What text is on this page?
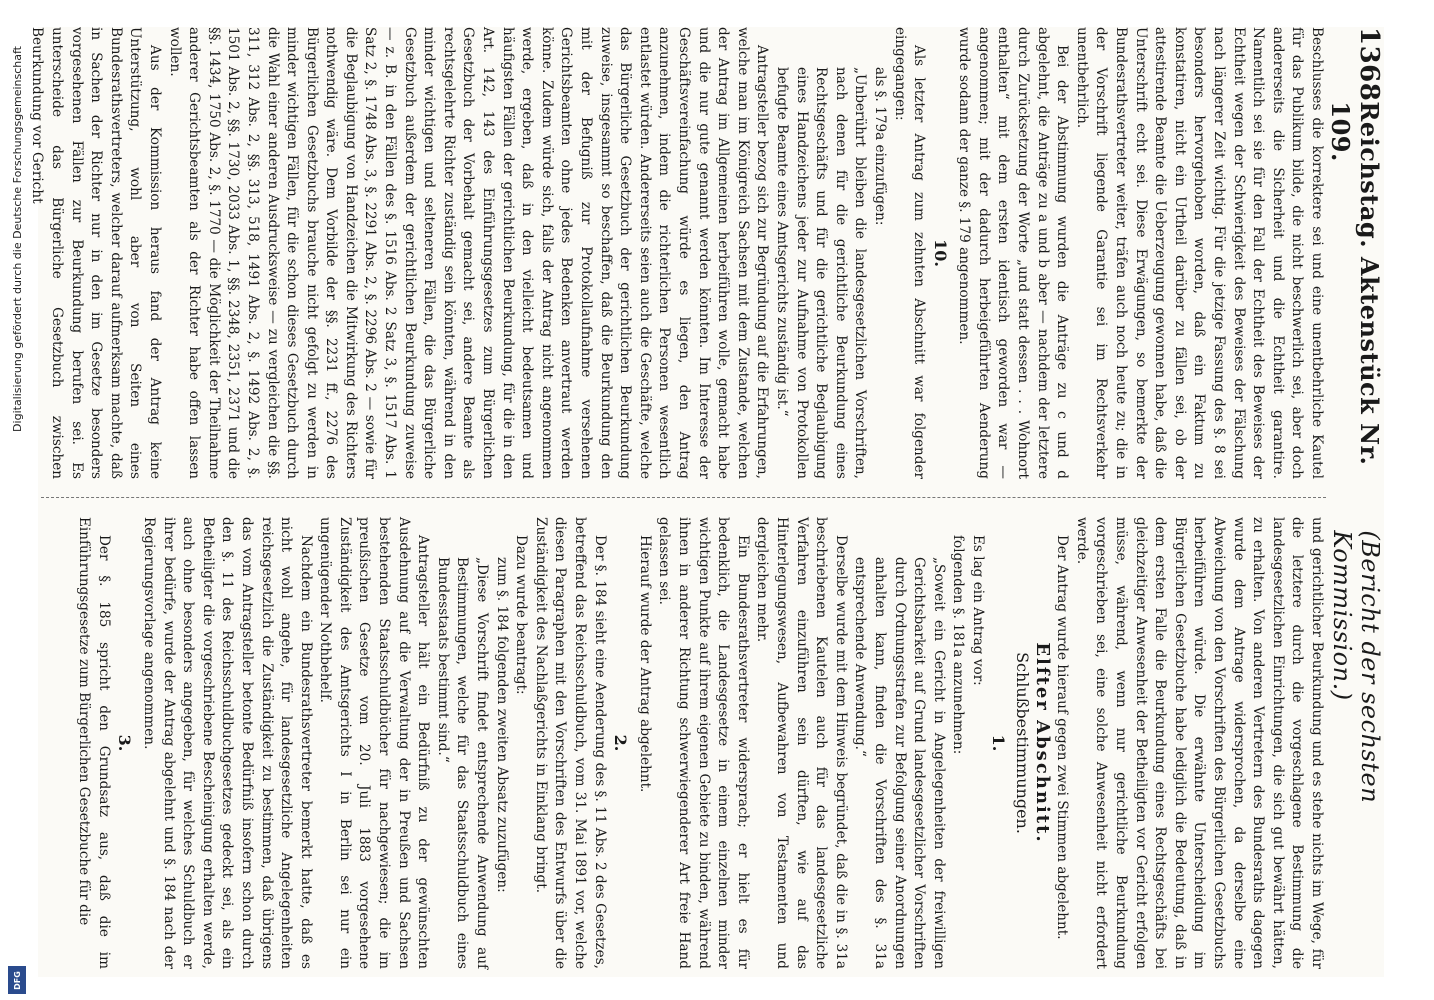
1368
Reichstag. Aktenstück Nr. 109.
(Bericht der sechsten Kommission.)

Beschlusses die korrektere sei und eine unentbehrliche Kautel für das Publikum bilde, die nicht beschwerlich sei, aber doch andererseits die Sicherheit und die Echtheit garantire. Namentlich sei sie für den Fall der Echtheit des Beweises der Echtheit wegen der Schwierigkeit des Beweises der Fälschung nach längerer Zeit wichtig. Für die jetzige Fassung des §. 8 sei besonders hervorgehoben worden, daß ein Faktum zu konstatiren, nicht ein Urtheil darüber zu fällen sei, ob der attestirende Beamte die Ueberzeugung gewonnen habe, daß die Unterschrift echt sei. Diese Erwägungen, so bemerkte der Bundesrathsvertreter weiter, träfen auch noch heute zu; die in der Vorschrift liegende Garantie sei im Rechtsverkehr unentbehrlich.

Bei der Abstimmung wurden die Anträge zu c und d abgelehnt, die Anträge zu a und b aber — nachdem der letztere durch Zurücksetzung der Worte „und statt dessen . . . Wohnort enthalten“ mit dem ersten identisch geworden war — angenommen; mit der dadurch herbeigeführten Aenderung wurde sodann der ganze §. 179 angenommen.

10.

Als letzter Antrag zum zehnten Abschnitt war folgender eingegangen:

als §. 179a einzufügen:

„Unberührt bleiben die landesgesetzlichen Vorschriften, nach denen für die gerichtliche Beurkundung eines Rechtsgeschäfts und für die gerichtliche Beglaubigung eines Handzeichens jeder zur Aufnahme von Protokollen befugte Beamte eines Amtsgerichts zuständig ist.“

Antragsteller bezog sich zur Begründung auf die Erfahrungen, welche man im Königreich Sachsen mit dem Zustande, welchen der Antrag im Allgemeinen herbeiführen wolle, gemacht habe und die nur gute genannt werden könnten. Im Interesse der Geschäftsvereinfachung würde es liegen, den Antrag anzunehmen, indem die richterlichen Personen wesentlich entlastet würden. Andererseits seien auch die Geschäfte, welche das Bürgerliche Gesetzbuch der gerichtlichen Beurkundung zuweise, insgesammt so beschaffen, daß die Beurkundung den mit der Befugniß zur Protokollaufnahme versehenen Gerichtsbeamten ohne jedes Bedenken anvertraut werden könne. Zudem würde sich, falls der Antrag nicht angenommen werde, ergeben, daß in den vielleicht bedeutsamen und häufigsten Fällen der gerichtlichen Beurkundung, für die in den Art. 142, 143 des Einführungsgesetzes zum Bürgerlichen Gesetzbuch der Vorbehalt gemacht sei, andere Beamte als rechtsgelehrte Richter zuständig sein könnten, während in den minder wichtigen und selteneren Fällen, die das Bürgerliche Gesetzbuch außerdem der gerichtlichen Beurkundung zuweise — z. B. in den Fällen des §. 1516 Abs. 2 Satz 3, §. 1517 Abs. 1 Satz 2, §. 1748 Abs. 3, §. 2291 Abs. 2, §. 2296 Abs. 2 — sowie für die Beglaubigung von Handzeichen die Mitwirkung des Richters nothwendig wäre. Dem Vorbilde der §§. 2231 ff., 2276 des Bürgerlichen Gesetzbuchs brauche nicht gefolgt zu werden in minder wichtigen Fällen, für die schon dieses Gesetzbuch durch die Wahl einer anderen Ausdrucksweise — zu vergleichen die §§. 311, 312 Abs. 2, §§. 313, 518, 1491 Abs. 2, §. 1492 Abs. 2, §. 1501 Abs. 2, §§. 1730, 2033 Abs. 1, §§. 2348, 2351, 2371 und die §§. 1434, 1750 Abs. 2, §. 1770 — die Möglichkeit der Theilnahme anderer Gerichtsbeamten als der Richter habe offen lassen wollen.

Aus der Kommission heraus fand der Antrag keine Unterstützung, wohl aber von Seiten eines Bundesrathsvertreters, welcher darauf aufmerksam machte, daß in Sachen der Richter nur in den im Gesetze besonders vorgesehenen Fällen zur Beurkundung berufen sei. Es unterscheide das Bürgerliche Gesetzbuch zwischen Beurkundung vor Gericht

und gerichtlicher Beurkundung und es stehe nichts im Wege, für die letztere durch die vorgeschlagene Bestimmung die landesgesetzlichen Einrichtungen, die sich gut bewährt hätten, zu erhalten. Von anderen Vertretern des Bundesraths dagegen wurde dem Antrage widersprochen, da derselbe eine Abweichung von den Vorschriften des Bürgerlichen Gesetzbuchs herbeiführen würde. Die erwähnte Unterscheidung im Bürgerlichen Gesetzbuche habe lediglich die Bedeutung, daß in dem ersten Falle die Beurkundung eines Rechtsgeschäfts bei gleichzeitiger Anwesenheit der Betheiligten vor Gericht erfolgen müsse, während, wenn nur gerichtliche Beurkundung vorgeschrieben sei, eine solche Anwesenheit nicht erfordert werde.

Der Antrag wurde hierauf gegen zwei Stimmen abgelehnt.

Elfter Abschnitt.

Schlußbestimmungen.

1.

Es lag ein Antrag vor:

folgenden §. 181a anzunehmen:

„Soweit ein Gericht in Angelegenheiten der freiwilligen Gerichtsbarkeit auf Grund landesgesetzlicher Vorschriften durch Ordnungsstrafen zur Befolgung seiner Anordnungen anhalten kann, finden die Vorschriften des §. 31a entsprechende Anwendung.“

Derselbe wurde mit dem Hinweis begründet, daß die in §. 31a beschriebenen Kautelen auch für das landesgesetzliche Verfahren einzuführen sein dürften, wie auf das Hinterlegungswesen, Aufbewahren von Testamenten und dergleichen mehr.

Ein Bundesrathsvertreter widersprach; er hielt es für bedenklich, die Landesgesetze in einem einzelnen minder wichtigen Punkte auf ihrem eigenen Gebiete zu binden, während ihnen in anderer Richtung schwerwiegenderer Art freie Hand gelassen sei.

Hierauf wurde der Antrag abgelehnt.

2.

Der §. 184 sieht eine Aenderung des §. 11 Abs. 2 des Gesetzes, betreffend das Reichsschuldbuch, vom 31. Mai 1891 vor, welche diesen Paragraphen mit den Vorschriften des Entwurfs über die Zuständigkeit des Nachlaßgerichts in Einklang bringt.

Dazu wurde beantragt:

zum §. 184 folgenden zweiten Absatz zuzufügen:

„Diese Vorschrift findet entsprechende Anwendung auf Bestimmungen, welche für das Staatsschuldbuch eines Bundesstaats bestimmt sind.“

Antragsteller hält ein Bedürfniß zu der gewünschten Ausdehnung auf die Verwaltung der in Preußen und Sachsen bestehenden Staatsschuldbücher für nachgewiesen; die im preußischen Gesetze vom 20. Juli 1883 vorgesehene Zuständigkeit des Amtsgerichts I in Berlin sei nur ein ungenügender Nothbehelf.

Nachdem ein Bundesrathsvertreter bemerkt hatte, daß es nicht wohl angehe, für landesgesetzliche Angelegenheiten reichsgesetzlich die Zuständigkeit zu bestimmen, daß übrigens das vom Antragsteller betonte Bedürfniß insofern schon durch den §. 11 des Reichsschuldbuchgesetzes gedeckt sei, als ein Betheiligter die vorgeschriebene Bescheinigung erhalten werde, auch ohne besonders angegeben, für welches Schuldbuch er ihrer bedürfe, wurde der Antrag abgelehnt und §. 184 nach der Regierungsvorlage angenommen.

3.

Der §. 185 spricht den Grundsatz aus, daß die im Einführungsgesetze zum Bürgerlichen Gesetzbuche für die

Digitalisierung gefördert durch die Deutsche Forschungsgemeinschaft
DFG
